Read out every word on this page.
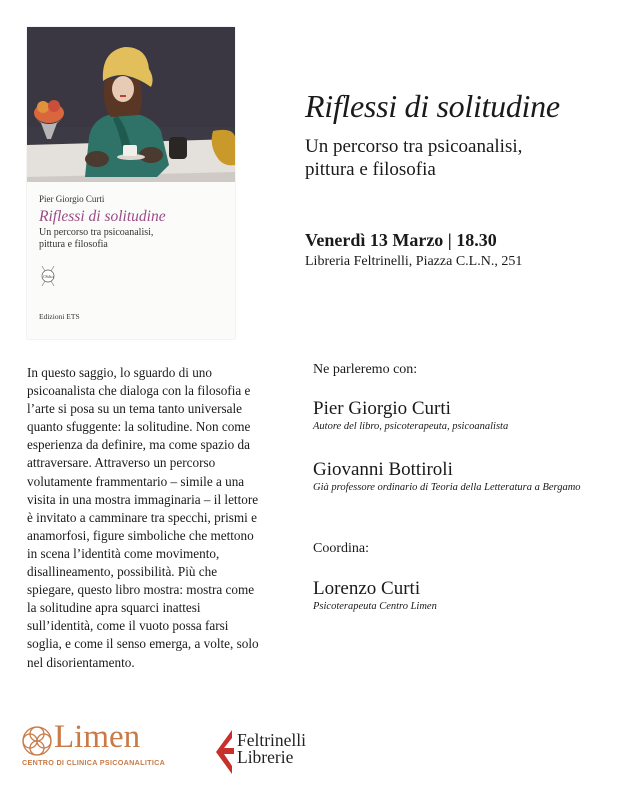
Pier Giorgio Curti
Riflessi di solitudine
Un percorso tra psicoanalisi,
pittura e filosofia
Oblio
Edizioni ETS
Riflessi di solitudine
Un percorso tra psicoanalisi,
pittura e filosofia
Venerdì 13 Marzo | 18.30
Libreria Feltrinelli, Piazza C.L.N., 251
In questo saggio, lo sguardo di uno
psicoanalista che dialoga con la filosofia e
l’arte si posa su un tema tanto universale
quanto sfuggente: la solitudine. Non come
esperienza da definire, ma come spazio da
attraversare. Attraverso un percorso
volutamente frammentario – simile a una
visita in una mostra immaginaria – il lettore
è invitato a camminare tra specchi, prismi e
anamorfosi, figure simboliche che mettono
in scena l’identità come movimento,
disallineamento, possibilità. Più che
spiegare, questo libro mostra: mostra come
la solitudine apra squarci inattesi
sull’identità, come il vuoto possa farsi
soglia, e come il senso emerga, a volte, solo
nel disorientamento.
Ne parleremo con:
Pier Giorgio Curti
Autore del libro, psicoterapeuta, psicoanalista
Giovanni Bottiroli
Già professore ordinario di Teoria della Letteratura a Bergamo
Coordina:
Lorenzo Curti
Psicoterapeuta Centro Limen
Limen
CENTRO DI CLINICA PSICOANALITICA
Feltrinelli
Librerie
